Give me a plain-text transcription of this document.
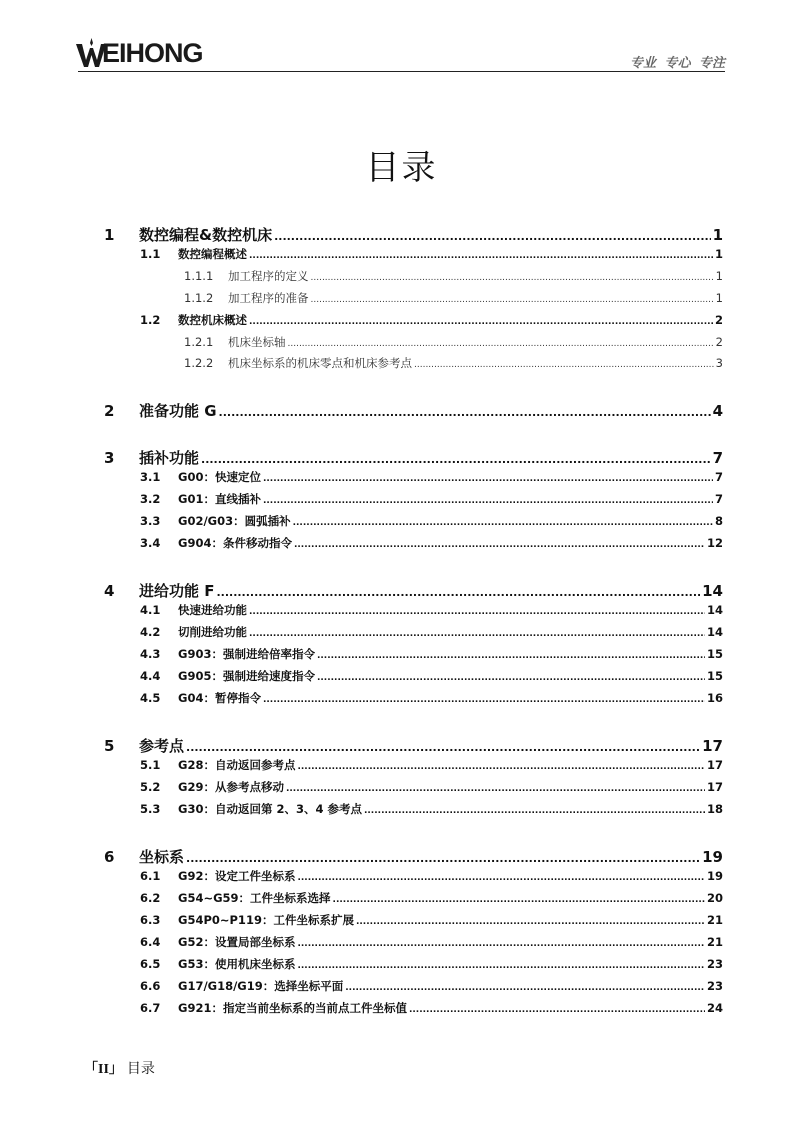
EIHONG	专业 专心 专注
目录
1	数控编程&数控机床 .....	1
1.1	数控编程概述 .....	1
1.1.1	加工程序的定义 .....	1
1.1.2	加工程序的准备 .....	1
1.2	数控机床概述 .....	2
1.2.1	机床坐标轴 .....	2
1.2.2	机床坐标系的机床零点和机床参考点 .....	3
2	准备功能 G .....	4
3	插补功能 .....	7
3.1	G00：快速定位 .....	7
3.2	G01：直线插补 .....	7
3.3	G02/G03：圆弧插补 .....	8
3.4	G904：条件移动指令 .....	12
4	进给功能 F .....	14
4.1	快速进给功能 .....	14
4.2	切削进给功能 .....	14
4.3	G903：强制进给倍率指令 .....	15
4.4	G905：强制进给速度指令 .....	15
4.5	G04：暂停指令 .....	16
5	参考点 .....	17
5.1	G28：自动返回参考点 .....	17
5.2	G29：从参考点移动 .....	17
5.3	G30：自动返回第 2、3、4 参考点 .....	18
6	坐标系 .....	19
6.1	G92：设定工件坐标系 .....	19
6.2	G54~G59：工件坐标系选择 .....	20
6.3	G54P0~P119：工件坐标系扩展 .....	21
6.4	G52：设置局部坐标系 .....	21
6.5	G53：使用机床坐标系 .....	23
6.6	G17/G18/G19：选择坐标平面 .....	23
6.7	G921：指定当前坐标系的当前点工件坐标值 .....	24
「II」 目录
